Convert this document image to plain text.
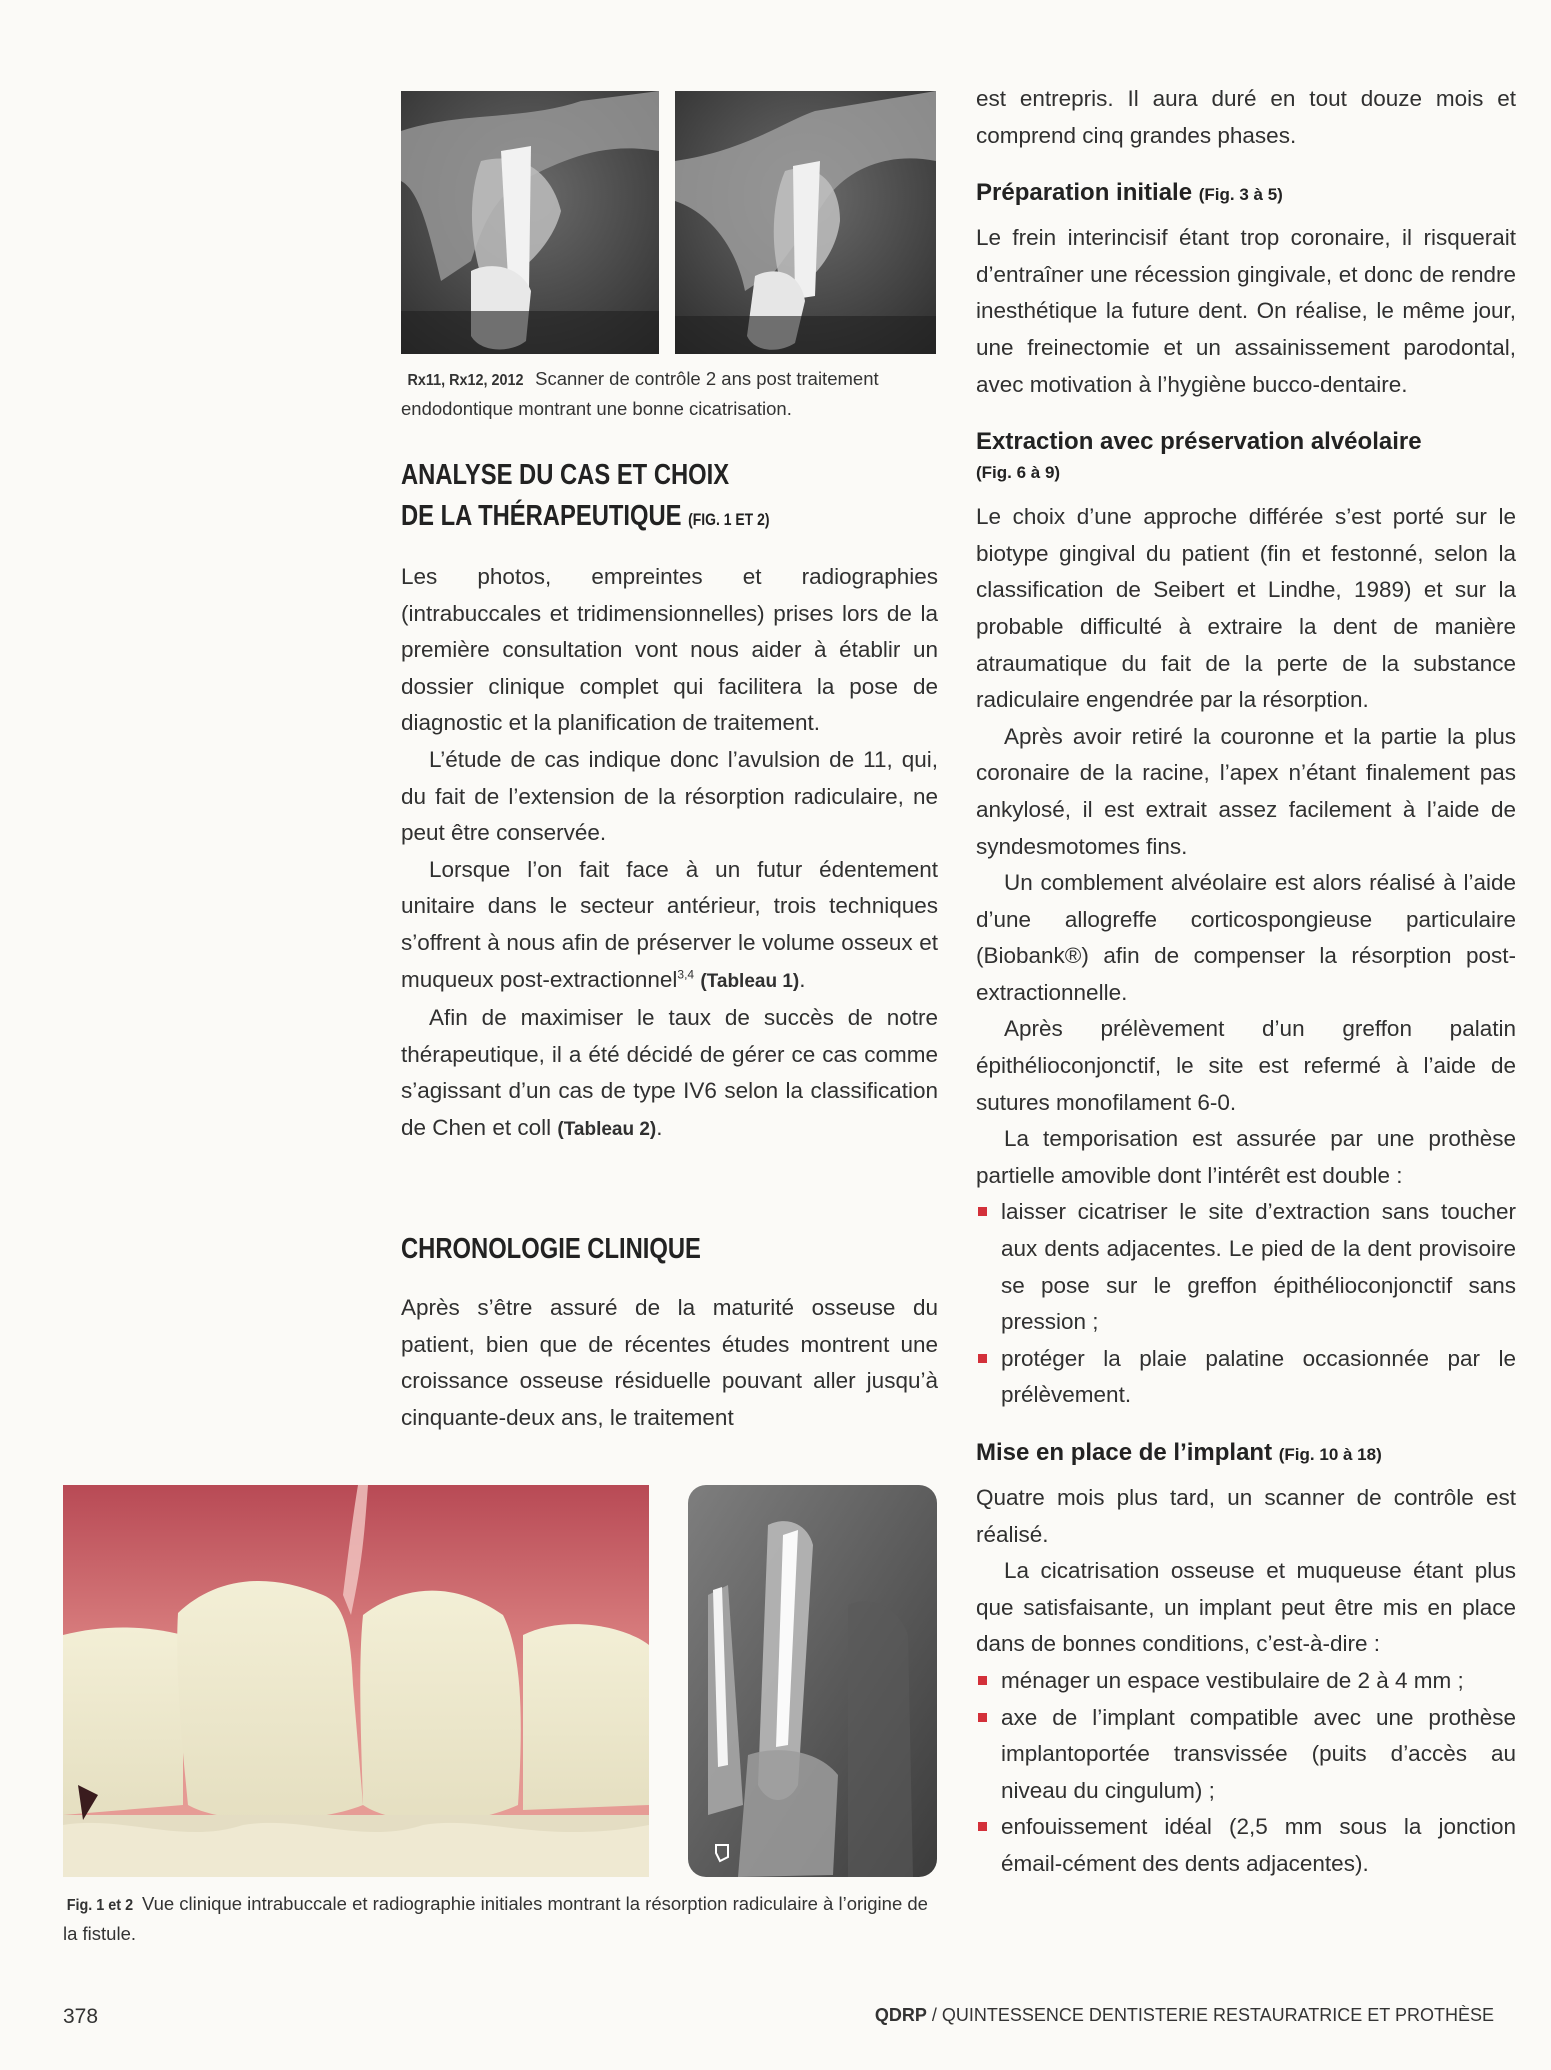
Rx11, Rx12, 2012 Scanner de contrôle 2 ans post traitement endodontique montrant une bonne cicatrisation.

ANALYSE DU CAS ET CHOIX

DE LA THÉRAPEUTIQUE (FIG. 1 ET 2)

Les photos, empreintes et radiographies (intrabuccales et tridimensionnelles) prises lors de la première consultation vont nous aider à établir un dossier clinique complet qui facilitera la pose de diagnostic et la planification de traitement.

L’étude de cas indique donc l’avulsion de 11, qui, du fait de l’extension de la résorption radiculaire, ne peut être conservée.

Lorsque l’on fait face à un futur édentement unitaire dans le secteur antérieur, trois techniques s’offrent à nous afin de préserver le volume osseux et muqueux post-extractionnel$^{3,4}$ (Tableau 1).

Afin de maximiser le taux de succès de notre thérapeutique, il a été décidé de gérer ce cas comme s’agissant d’un cas de type IV6 selon la classification de Chen et coll (Tableau 2).

CHRONOLOGIE CLINIQUE

Après s’être assuré de la maturité osseuse du patient, bien que de récentes études montrent une croissance osseuse résiduelle pouvant aller jusqu’à cinquante-deux ans, le traitement

est entrepris. Il aura duré en tout douze mois et comprend cinq grandes phases.

Préparation initiale (Fig. 3 à 5)

Le frein interincisif étant trop coronaire, il risquerait d’entraîner une récession gingivale, et donc de rendre inesthétique la future dent. On réalise, le même jour, une freinectomie et un assainissement parodontal, avec motivation à l’hygiène bucco-dentaire.

Extraction avec préservation alvéolaire

(Fig. 6 à 9)

Le choix d’une approche différée s’est porté sur le biotype gingival du patient (fin et festonné, selon la classification de Seibert et Lindhe, 1989) et sur la probable difficulté à extraire la dent de manière atraumatique du fait de la perte de la substance radiculaire engendrée par la résorption.

Après avoir retiré la couronne et la partie la plus coronaire de la racine, l’apex n’étant finalement pas ankylosé, il est extrait assez facilement à l’aide de syndesmotomes fins.

Un comblement alvéolaire est alors réalisé à l’aide d’une allogreffe corticospongieuse particulaire (Biobank®) afin de compenser la résorption post-extractionnelle.

Après prélèvement d’un greffon palatin épithélioconjonctif, le site est refermé à l’aide de sutures monofilament 6-0.

La temporisation est assurée par une prothèse partielle amovible dont l’intérêt est double :

laisser cicatriser le site d’extraction sans toucher aux dents adjacentes. Le pied de la dent provisoire se pose sur le greffon épithélioconjonctif sans pression ;
protéger la plaie palatine occasionnée par le prélèvement.

Mise en place de l’implant (Fig. 10 à 18)

Quatre mois plus tard, un scanner de contrôle est réalisé.

La cicatrisation osseuse et muqueuse étant plus que satisfaisante, un implant peut être mis en place dans de bonnes conditions, c’est-à-dire :

ménager un espace vestibulaire de 2 à 4 mm ;
axe de l’implant compatible avec une prothèse implantoportée transvissée (puits d’accès au niveau du cingulum) ;
enfouissement idéal (2,5 mm sous la jonction émail-cément des dents adjacentes).

Fig. 1 et 2 Vue clinique intrabuccale et radiographie initiales montrant la résorption radiculaire à l’origine de la fistule.

378	QDRP / QUINTESSENCE DENTISTERIE RESTAURATRICE ET PROTHÈSE
